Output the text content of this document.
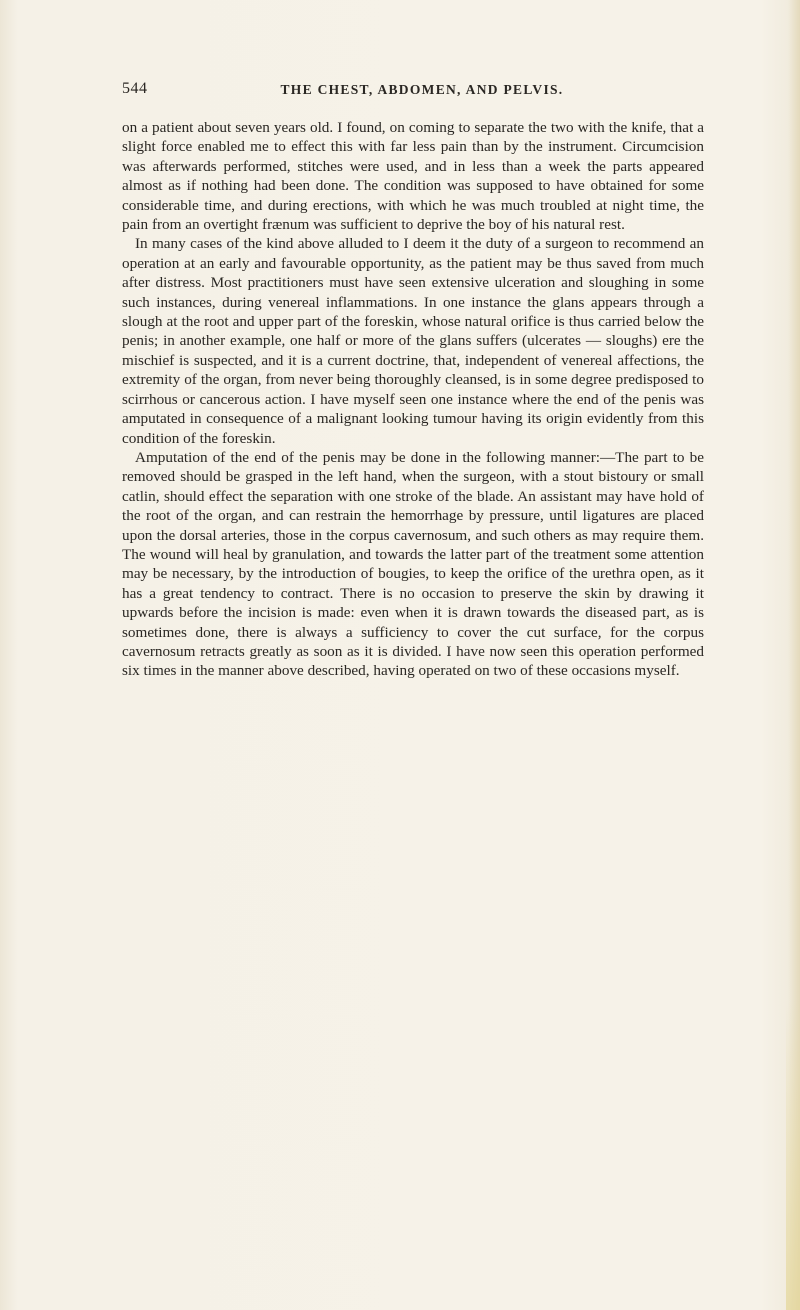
544	THE CHEST, ABDOMEN, AND PELVIS.

on a patient about seven years old. I found, on coming to separate the two with the knife, that a slight force enabled me to effect this with far less pain than by the instrument. Circumcision was afterwards performed, stitches were used, and in less than a week the parts appeared almost as if nothing had been done. The condition was supposed to have obtained for some considerable time, and during erections, with which he was much troubled at night time, the pain from an overtight frænum was sufficient to deprive the boy of his natural rest.

In many cases of the kind above alluded to I deem it the duty of a surgeon to recommend an operation at an early and favourable opportunity, as the patient may be thus saved from much after distress. Most practitioners must have seen extensive ulceration and sloughing in some such instances, during venereal inflammations. In one instance the glans appears through a slough at the root and upper part of the foreskin, whose natural orifice is thus carried below the penis; in another example, one half or more of the glans suffers (ulcerates — sloughs) ere the mischief is suspected, and it is a current doctrine, that, independent of venereal affections, the extremity of the organ, from never being thoroughly cleansed, is in some degree predisposed to scirrhous or cancerous action. I have myself seen one instance where the end of the penis was amputated in consequence of a malignant looking tumour having its origin evidently from this condition of the foreskin.

Amputation of the end of the penis may be done in the following manner:—The part to be removed should be grasped in the left hand, when the surgeon, with a stout bistoury or small catlin, should effect the separation with one stroke of the blade. An assistant may have hold of the root of the organ, and can restrain the hemorrhage by pressure, until ligatures are placed upon the dorsal arteries, those in the corpus cavernosum, and such others as may require them. The wound will heal by granulation, and towards the latter part of the treatment some attention may be necessary, by the introduction of bougies, to keep the orifice of the urethra open, as it has a great tendency to contract. There is no occasion to preserve the skin by drawing it upwards before the incision is made: even when it is drawn towards the diseased part, as is sometimes done, there is always a sufficiency to cover the cut surface, for the corpus cavernosum retracts greatly as soon as it is divided. I have now seen this operation performed six times in the manner above described, having operated on two of these occasions myself.
